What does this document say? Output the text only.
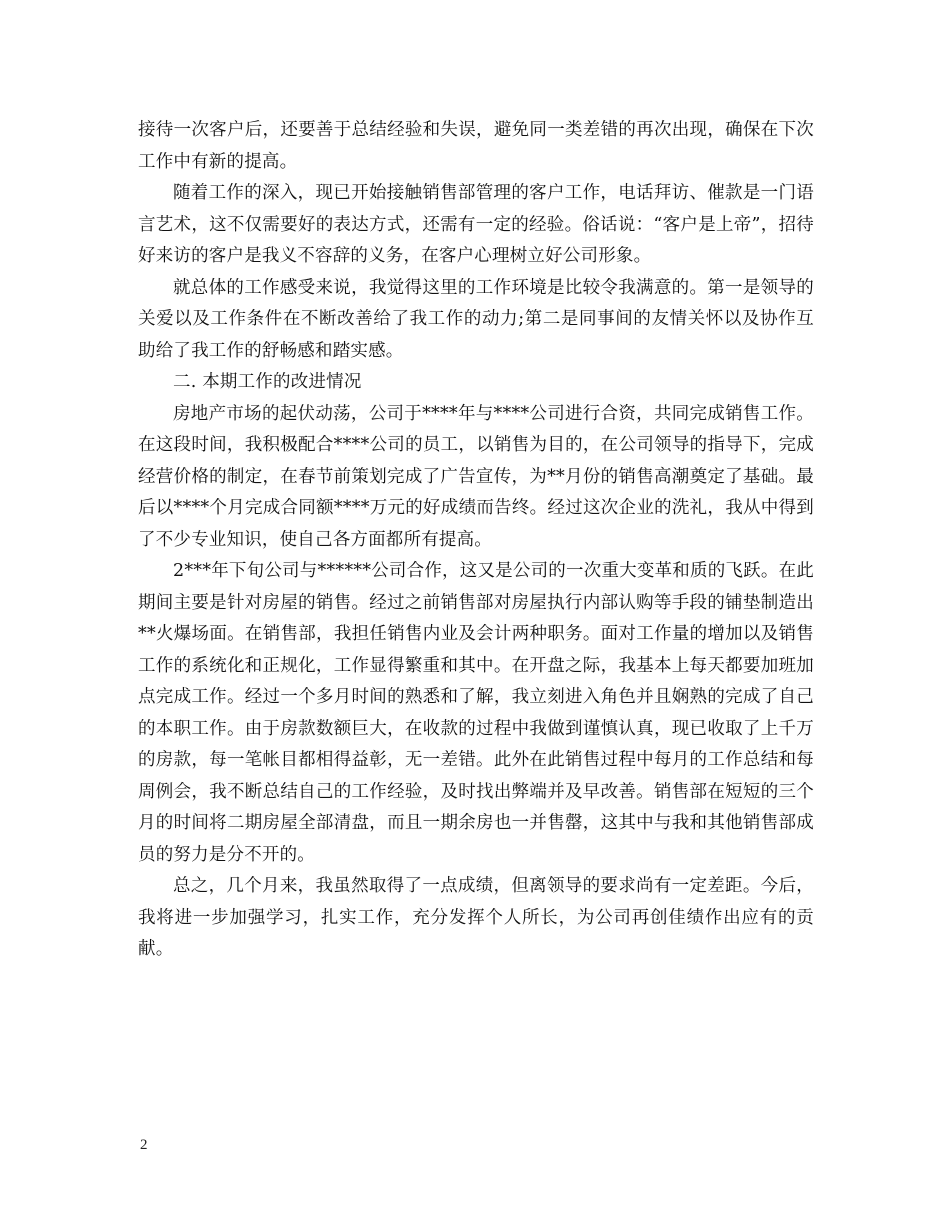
接待一次客户后，还要善于总结经验和失误，避免同一类差错的再次出现，确保在下次工作中有新的提高。

随着工作的深入，现已开始接触销售部管理的客户工作，电话拜访、催款是一门语言艺术，这不仅需要好的表达方式，还需有一定的经验。俗话说：“客户是上帝”，招待好来访的客户是我义不容辞的义务，在客户心理树立好公司形象。

就总体的工作感受来说，我觉得这里的工作环境是比较令我满意的。第一是领导的关爱以及工作条件在不断改善给了我工作的动力;第二是同事间的友情关怀以及协作互助给了我工作的舒畅感和踏实感。

二. 本期工作的改进情况

房地产市场的起伏动荡，公司于****年与****公司进行合资，共同完成销售工作。在这段时间，我积极配合****公司的员工，以销售为目的，在公司领导的指导下，完成经营价格的制定，在春节前策划完成了广告宣传，为**月份的销售高潮奠定了基础。最后以****个月完成合同额****万元的好成绩而告终。经过这次企业的洗礼，我从中得到了不少专业知识，使自己各方面都所有提高。

2***年下旬公司与******公司合作，这又是公司的一次重大变革和质的飞跃。在此期间主要是针对房屋的销售。经过之前销售部对房屋执行内部认购等手段的铺垫制造出**火爆场面。在销售部，我担任销售内业及会计两种职务。面对工作量的增加以及销售工作的系统化和正规化，工作显得繁重和其中。在开盘之际，我基本上每天都要加班加点完成工作。经过一个多月时间的熟悉和了解，我立刻进入角色并且娴熟的完成了自己的本职工作。由于房款数额巨大，在收款的过程中我做到谨慎认真，现已收取了上千万的房款，每一笔帐目都相得益彰，无一差错。此外在此销售过程中每月的工作总结和每周例会，我不断总结自己的工作经验，及时找出弊端并及早改善。销售部在短短的三个月的时间将二期房屋全部清盘，而且一期余房也一并售罄，这其中与我和其他销售部成员的努力是分不开的。

总之，几个月来，我虽然取得了一点成绩，但离领导的要求尚有一定差距。今后，我将进一步加强学习，扎实工作，充分发挥个人所长，为公司再创佳绩作出应有的贡献。

2
